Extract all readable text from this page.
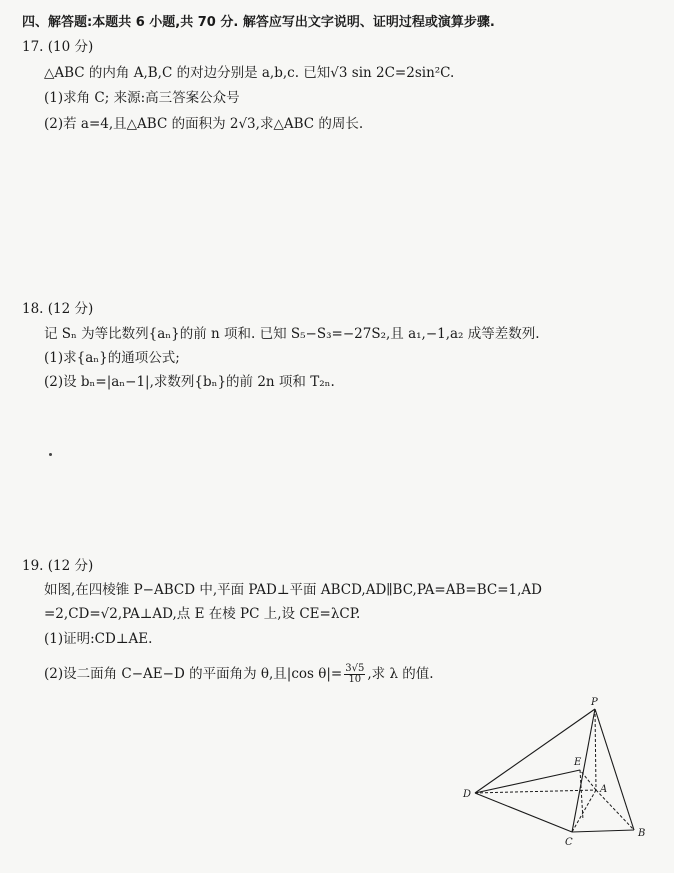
四、解答题:本题共 6 小题,共 70 分. 解答应写出文字说明、证明过程或演算步骤.
17. (10 分)
△ABC 的内角 A,B,C 的对边分别是 a,b,c. 已知√3 sin 2C=2sin²C.
(1)求角 C; 来源:高三答案公众号
(2)若 a=4,且△ABC 的面积为 2√3,求△ABC 的周长.
18. (12 分)
记 Sₙ 为等比数列{aₙ}的前 n 项和. 已知 S₅−S₃=−27S₂,且 a₁,−1,a₂ 成等差数列.
(1)求{aₙ}的通项公式;
(2)设 bₙ=|aₙ−1|,求数列{bₙ}的前 2n 项和 T₂ₙ.
19. (12 分)
如图,在四棱锥 P−ABCD 中,平面 PAD⊥平面 ABCD,AD∥BC,PA=AB=BC=1,AD
=2,CD=√2,PA⊥AD,点 E 在棱 PC 上,设 CE=λCP.
(1)证明:CD⊥AE.
(2)设二面角 C−AE−D 的平面角为 θ,且|cos $\theta|= \frac{3√5}{10}$ ,求 λ 的值.
P
E
A
D
C
B
